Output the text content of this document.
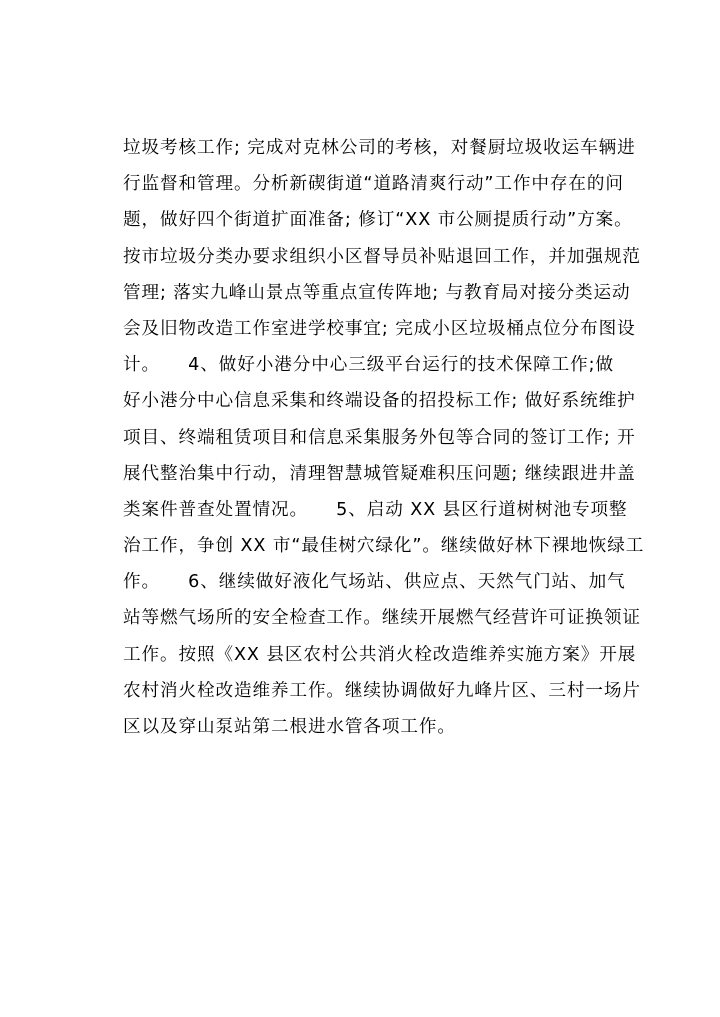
垃圾考核工作; 完成对克林公司的考核，对餐厨垃圾收运车辆进
行监督和管理。分析新碶街道“道路清爽行动”工作中存在的问
题，做好四个街道扩面准备; 修订“XX 市公厕提质行动”方案。
按市垃圾分类办要求组织小区督导员补贴退回工作，并加强规范
管理; 落实九峰山景点等重点宣传阵地; 与教育局对接分类运动
会及旧物改造工作室进学校事宜; 完成小区垃圾桶点位分布图设
计。　　4、做好小港分中心三级平台运行的技术保障工作;做
好小港分中心信息采集和终端设备的招投标工作; 做好系统维护
项目、终端租赁项目和信息采集服务外包等合同的签订工作; 开
展代整治集中行动，清理智慧城管疑难积压问题; 继续跟进井盖
类案件普查处置情况。　　5、启动 XX 县区行道树树池专项整
治工作，争创 XX 市“最佳树穴绿化”。继续做好林下裸地恢绿工
作。　　6、继续做好液化气场站、供应点、天然气门站、加气
站等燃气场所的安全检查工作。继续开展燃气经营许可证换领证
工作。按照《XX 县区农村公共消火栓改造维养实施方案》开展
农村消火栓改造维养工作。继续协调做好九峰片区、三村一场片
区以及穿山泵站第二根进水管各项工作。
